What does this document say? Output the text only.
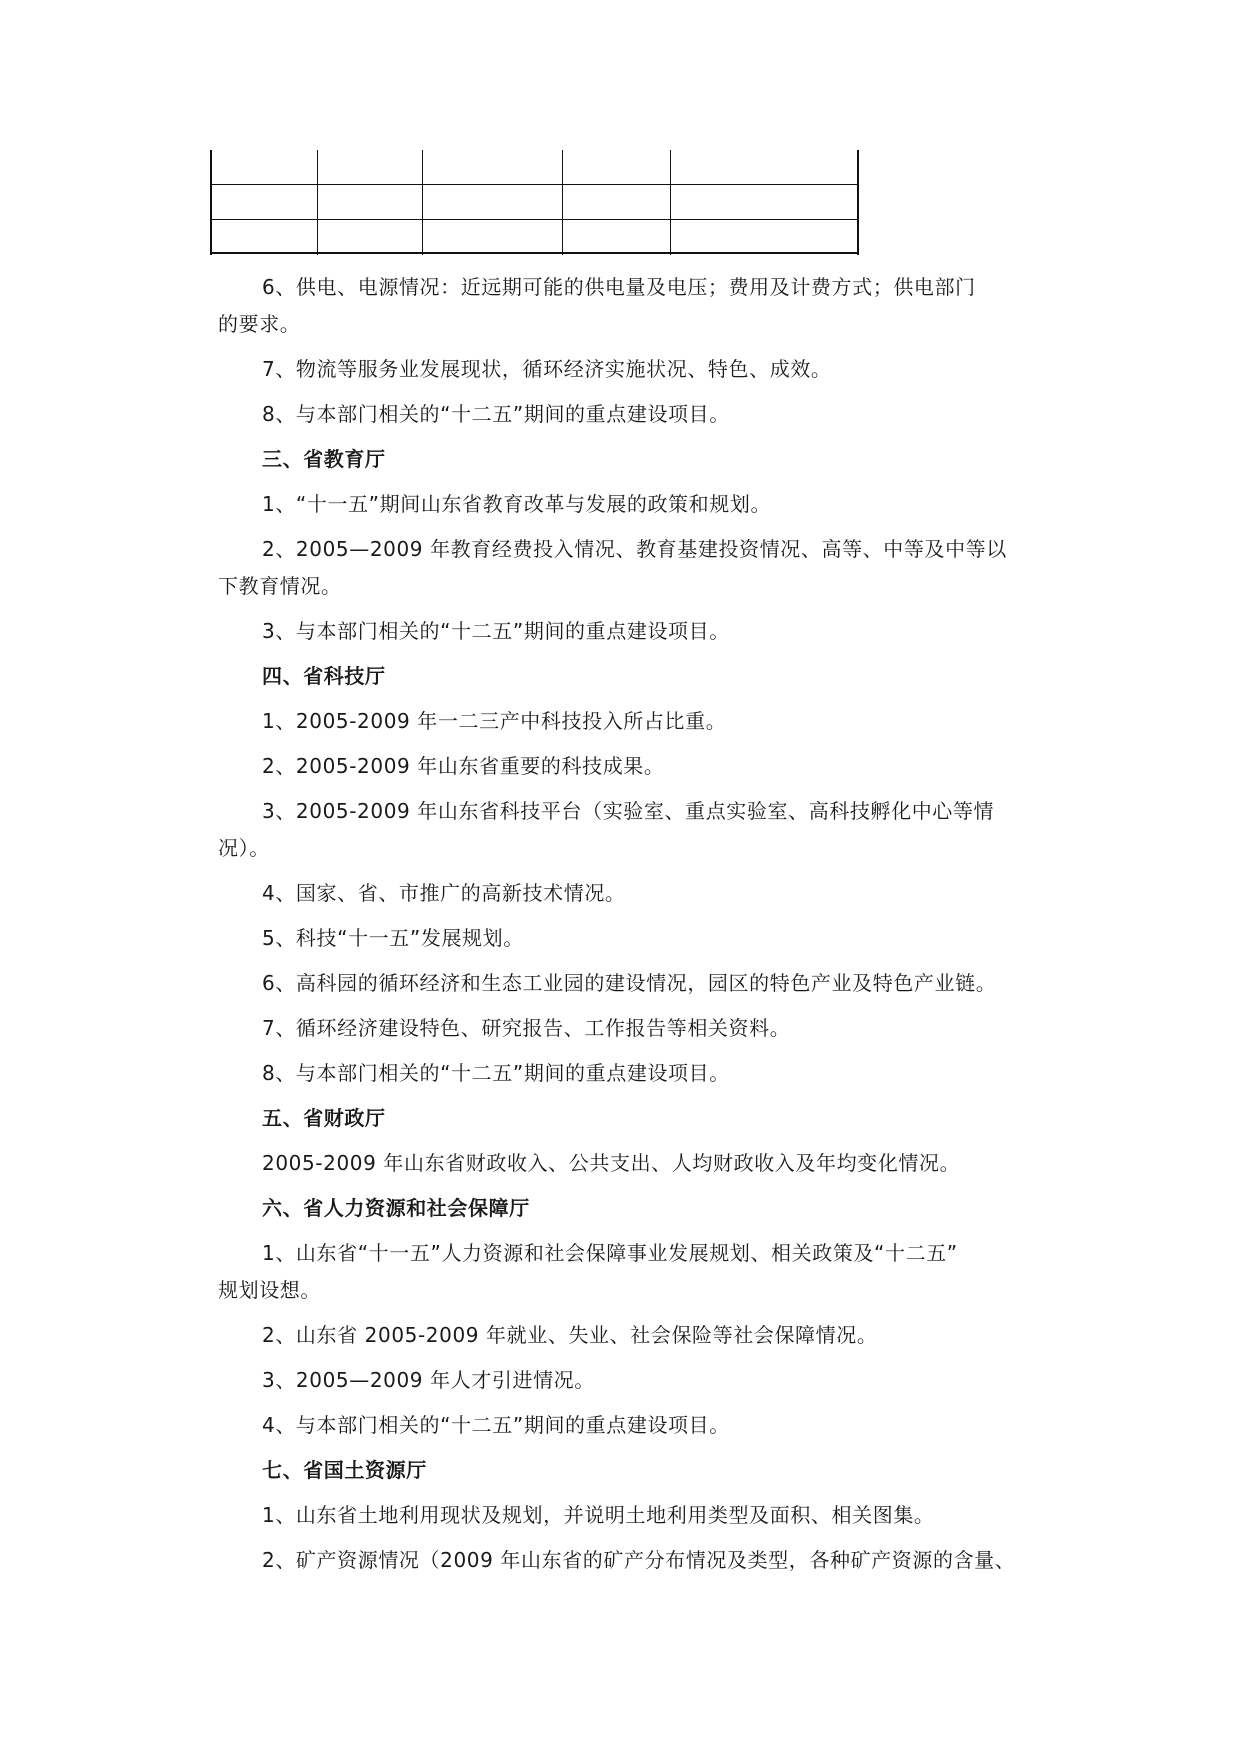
6、供电、电源情况：近远期可能的供电量及电压；费用及计费方式；供电部门
的要求。
7、物流等服务业发展现状，循环经济实施状况、特色、成效。
8、与本部门相关的“十二五”期间的重点建设项目。
三、省教育厅
1、“十一五”期间山东省教育改革与发展的政策和规划。
2、2005—2009 年教育经费投入情况、教育基建投资情况、高等、中等及中等以
下教育情况。
3、与本部门相关的“十二五”期间的重点建设项目。
四、省科技厅
1、2005-2009 年一二三产中科技投入所占比重。
2、2005-2009 年山东省重要的科技成果。
3、2005-2009 年山东省科技平台（实验室、重点实验室、高科技孵化中心等情
况）。
4、国家、省、市推广的高新技术情况。
5、科技“十一五”发展规划。
6、高科园的循环经济和生态工业园的建设情况，园区的特色产业及特色产业链。
7、循环经济建设特色、研究报告、工作报告等相关资料。
8、与本部门相关的“十二五”期间的重点建设项目。
五、省财政厅
2005-2009 年山东省财政收入、公共支出、人均财政收入及年均变化情况。
六、省人力资源和社会保障厅
1、山东省“十一五”人力资源和社会保障事业发展规划、相关政策及“十二五”
规划设想。
2、山东省 2005-2009 年就业、失业、社会保险等社会保障情况。
3、2005—2009 年人才引进情况。
4、与本部门相关的“十二五”期间的重点建设项目。
七、省国土资源厅
1、山东省土地利用现状及规划，并说明土地利用类型及面积、相关图集。
2、矿产资源情况（2009 年山东省的矿产分布情况及类型，各种矿产资源的含量、
